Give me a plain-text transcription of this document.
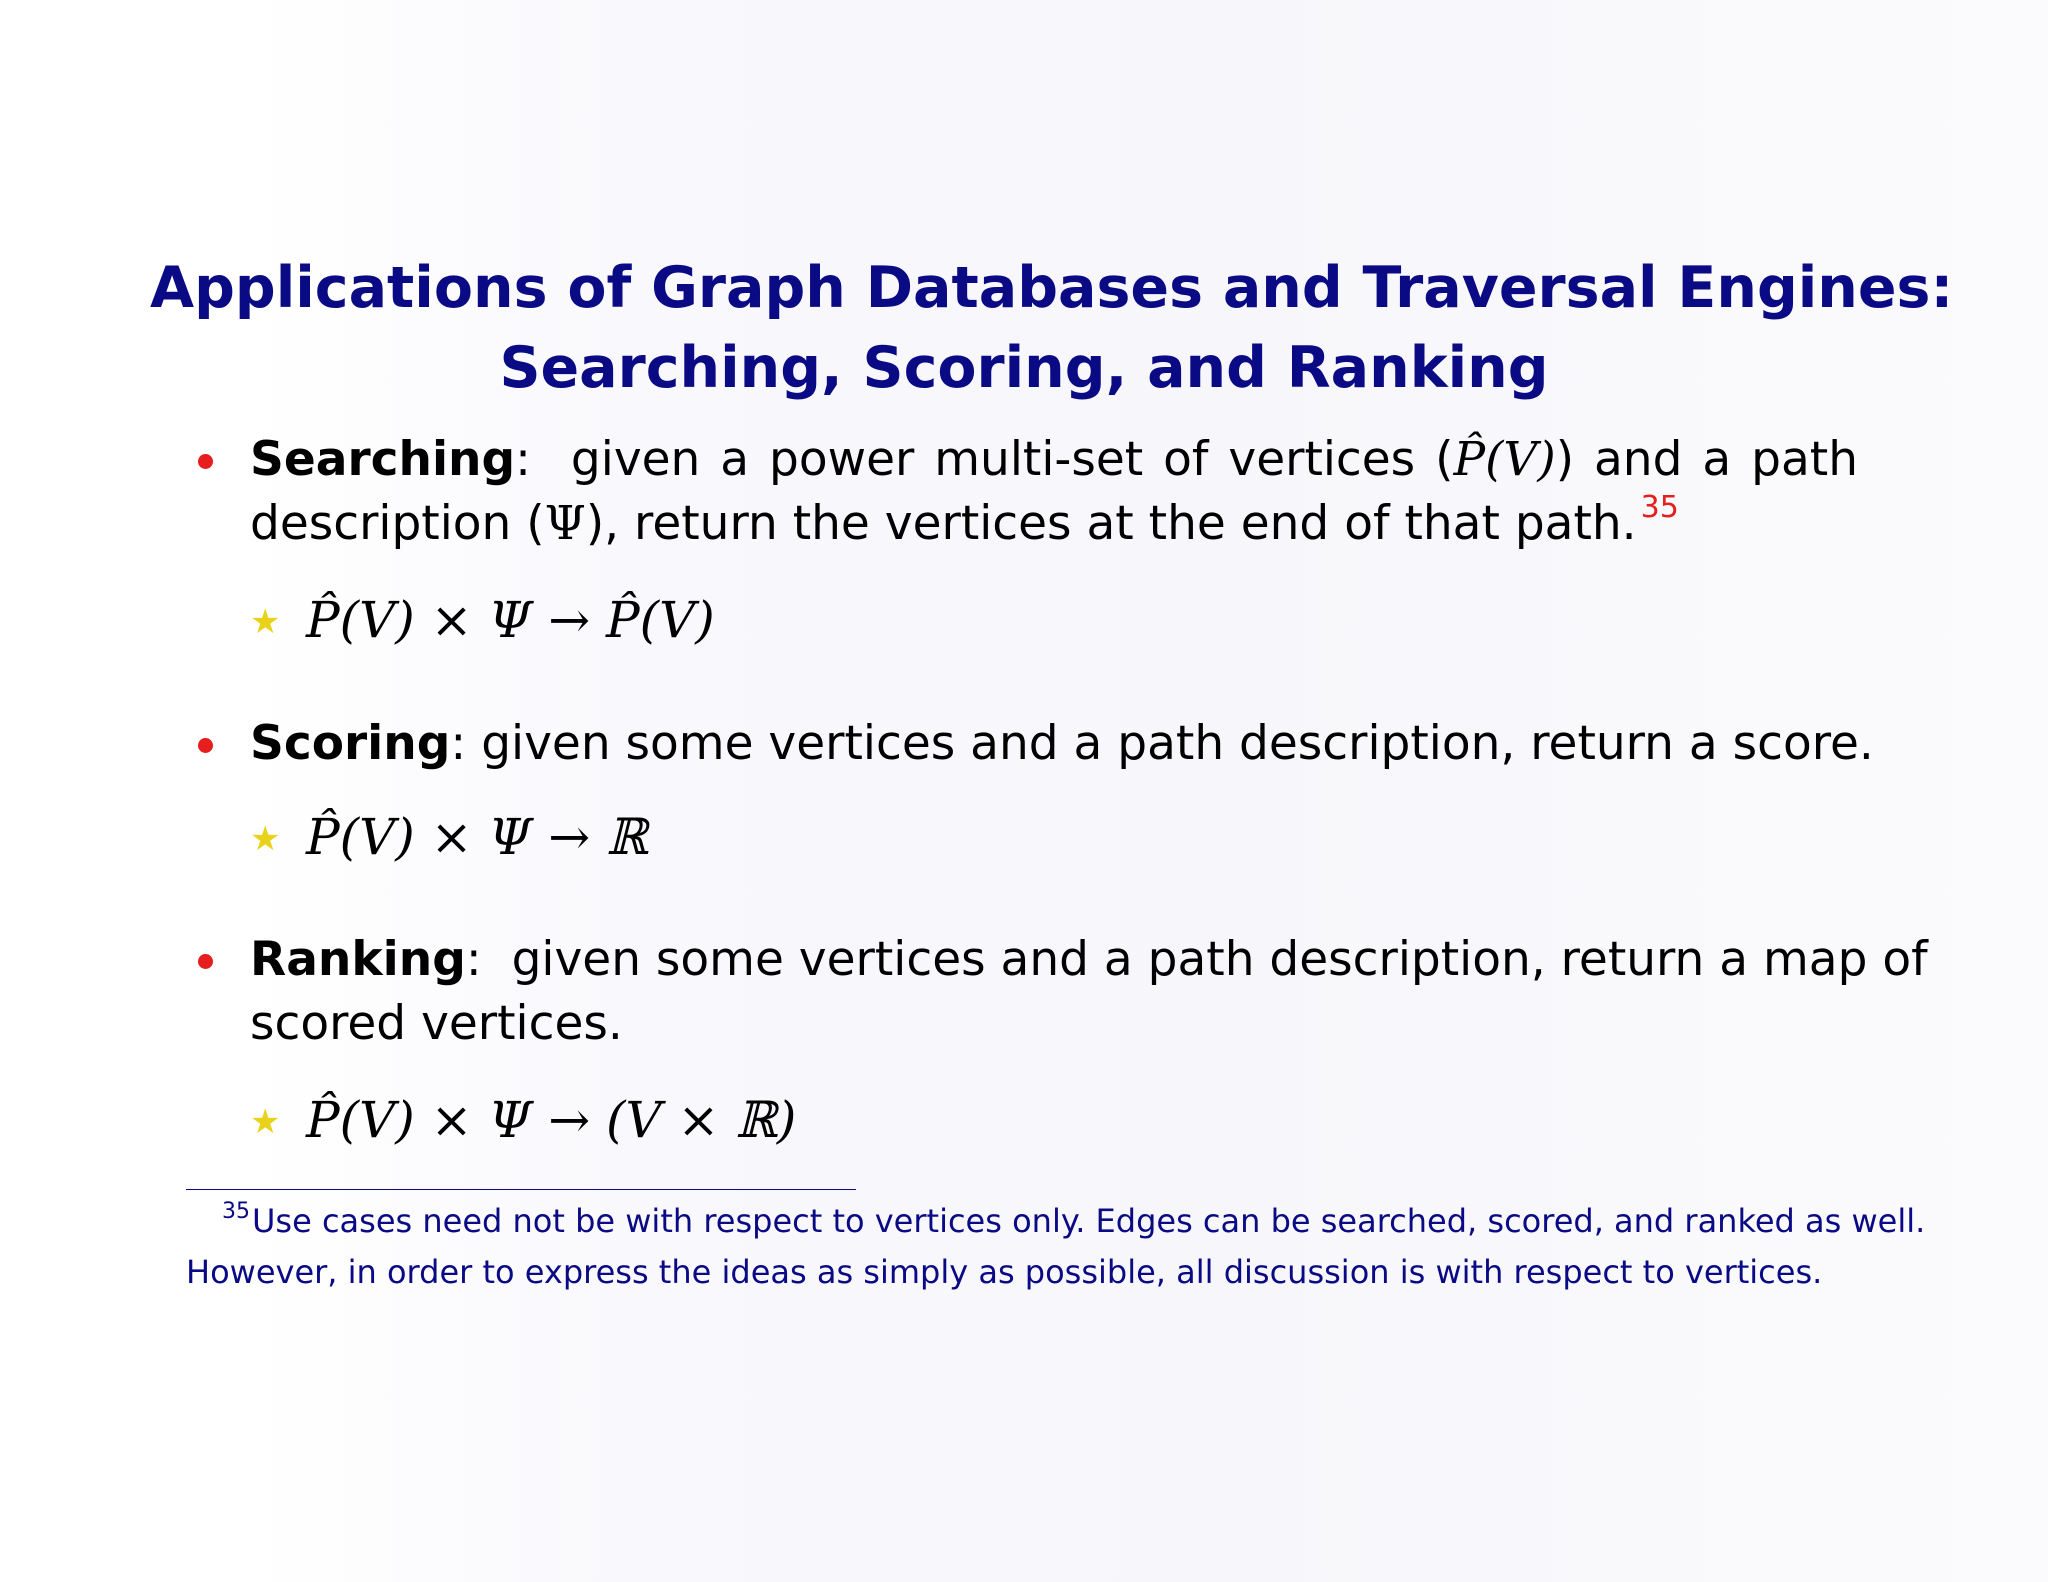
Applications of Graph Databases and Traversal Engines:
Searching, Scoring, and Ranking
Searching: given a power multi-set of vertices (P̂(V)) and a path
description (Ψ), return the vertices at the end of that path. $^{35}$
★ P̂(V) × Ψ → P̂(V)
Scoring: given some vertices and a path description, return a score.
★ P̂(V) × Ψ → ℝ
Ranking: given some vertices and a path description, return a map of
scored vertices.
★ P̂(V) × Ψ → (V × ℝ)
$^{35}$Use cases need not be with respect to vertices only. Edges can be searched, scored, and ranked as well.
However, in order to express the ideas as simply as possible, all discussion is with respect to vertices.
